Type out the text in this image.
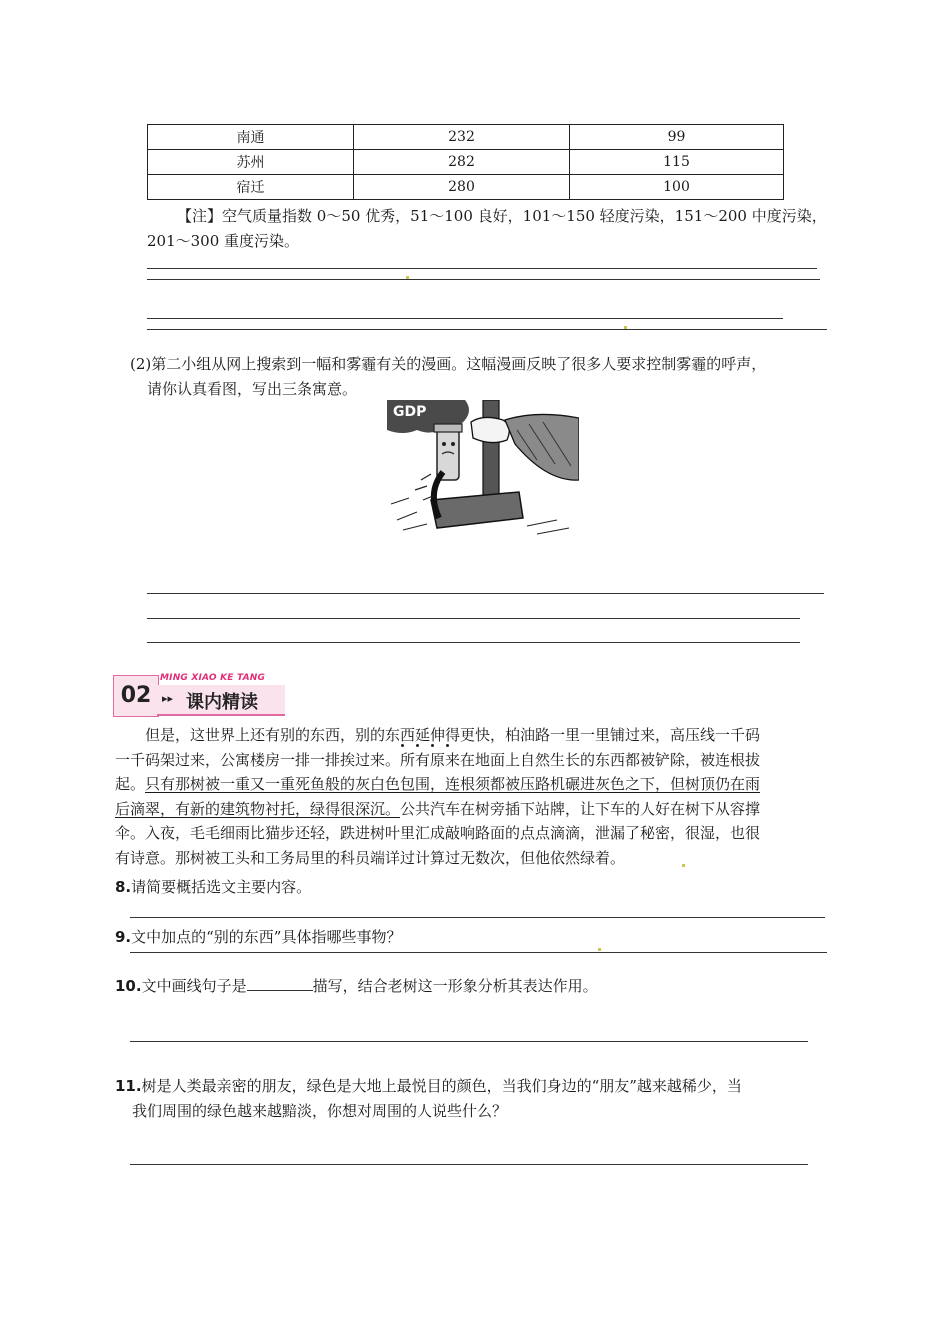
南通	232	99
苏州	282	115
宿迁	280	100
【注】空气质量指数 0～50 优秀，51～100 良好，101～150 轻度污染，151～200 中度污染，
201～300 重度污染。
(2)第二小组从网上搜索到一幅和雾霾有关的漫画。这幅漫画反映了很多人要求控制雾霾的呼声，
请你认真看图，写出三条寓意。
GDP
MING XIAO KE TANG
02 ▸▸ 课内精读
但是，这世界上还有别的东西，别的东西延伸得更快，柏油路一里一里铺过来，高压线一千码
一千码架过来，公寓楼房一排一排挨过来。所有原来在地面上自然生长的东西都被铲除，被连根拔
起。只有那树被一重又一重死鱼般的灰白色包围，连根须都被压路机碾进灰色之下，但树顶仍在雨
后滴翠，有新的建筑物衬托，绿得很深沉。公共汽车在树旁插下站牌，让下车的人好在树下从容撑
伞。入夜，毛毛细雨比猫步还轻，跌进树叶里汇成敲响路面的点点滴滴，泄漏了秘密，很湿，也很
有诗意。那树被工头和工务局里的科员端详过计算过无数次，但他依然绿着。
8.请简要概括选文主要内容。
9.文中加点的“别的东西”具体指哪些事物？
10.文中画线句子是	描写，结合老树这一形象分析其表达作用。
11.树是人类最亲密的朋友，绿色是大地上最悦目的颜色，当我们身边的“朋友”越来越稀少，当
我们周围的绿色越来越黯淡，你想对周围的人说些什么？
